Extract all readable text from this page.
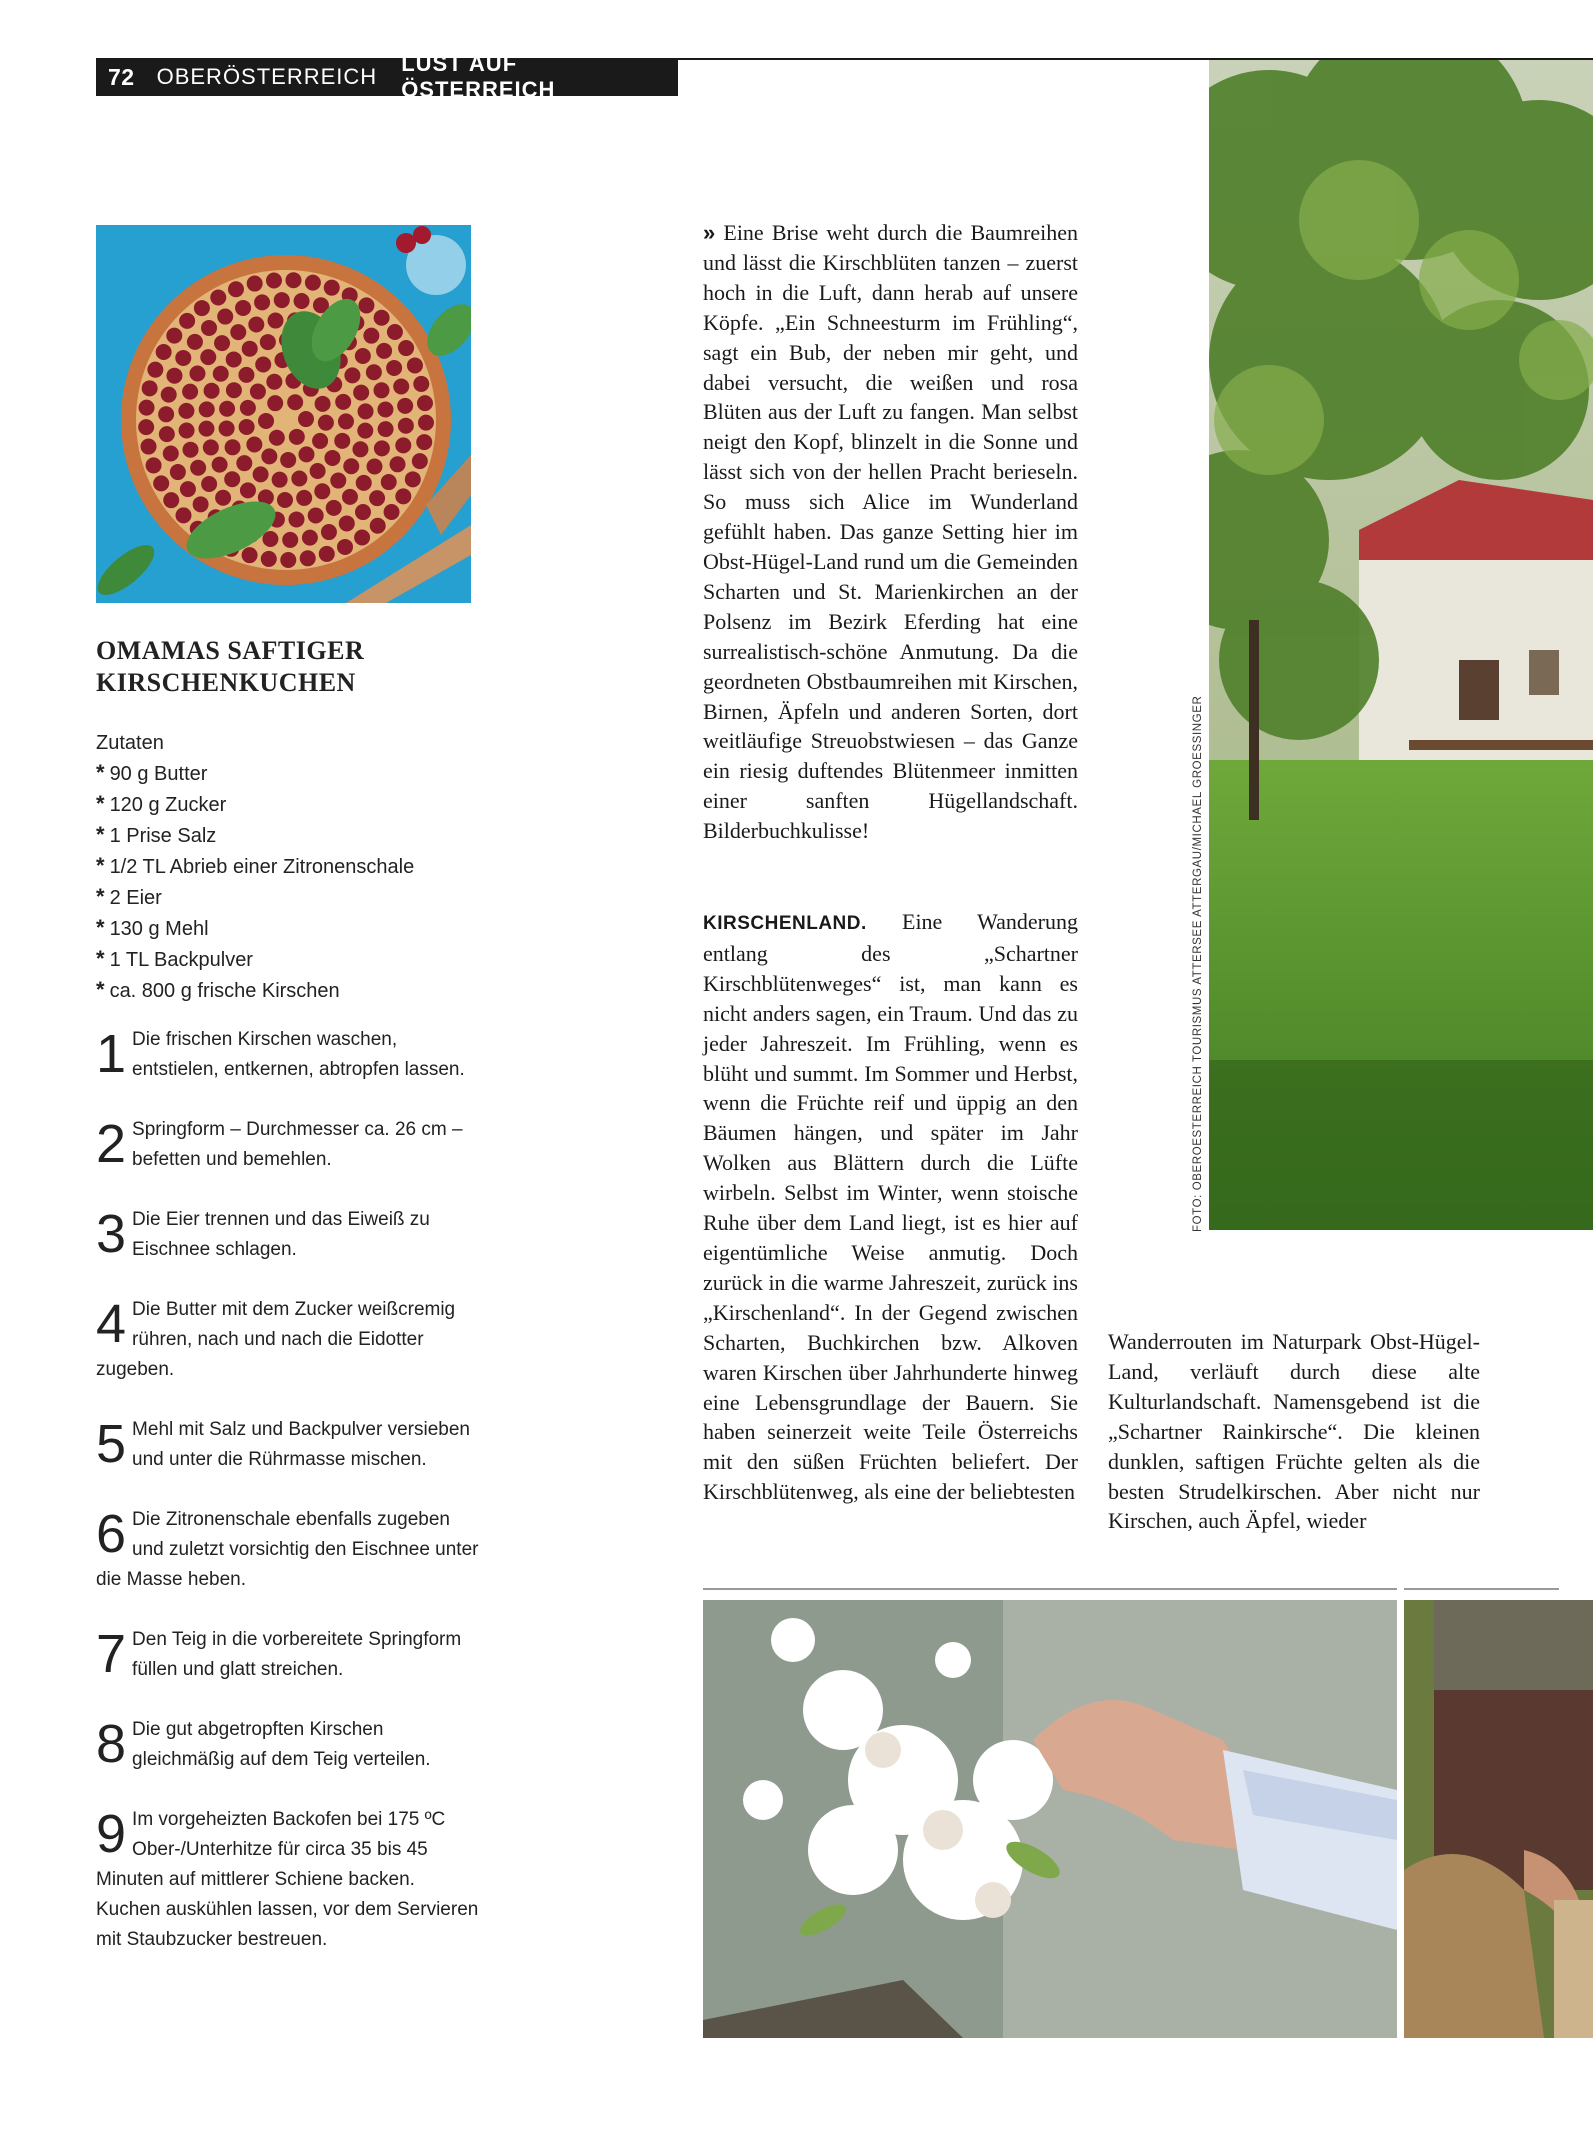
72 OBERÖSTERREICH
LUST AUF ÖSTERREICH
OMAMAS SAFTIGER
KIRSCHENKUCHEN
Zutaten
* 90 g Butter
* 120 g Zucker
* 1 Prise Salz
* 1/2 TL Abrieb einer Zitronenschale
* 2 Eier
* 130 g Mehl
* 1 TL Backpulver
* ca. 800 g frische Kirschen
1 Die frischen Kirschen waschen, entstielen, entkernen, abtropfen lassen.
2 Springform – Durchmesser ca. 26 cm – befetten und bemehlen.
3 Die Eier trennen und das Eiweiß zu Eischnee schlagen.
4 Die Butter mit dem Zucker weißcremig rühren, nach und nach die Eidotter zugeben.
5 Mehl mit Salz und Backpulver versieben und unter die Rührmasse mischen.
6 Die Zitronenschale ebenfalls zugeben und zuletzt vorsichtig den Eischnee unter die Masse heben.
7 Den Teig in die vorbereitete Springform füllen und glatt streichen.
8 Die gut abgetropften Kirschen gleichmäßig auf dem Teig verteilen.
9 Im vorgeheizten Backofen bei 175 ºC Ober-/Unterhitze für circa 35 bis 45 Minuten auf mittlerer Schiene backen. Kuchen auskühlen lassen, vor dem Servieren mit Staubzucker bestreuen.
» Eine Brise weht durch die Baumreihen und lässt die Kirschblüten tanzen – zuerst hoch in die Luft, dann herab auf unsere Köpfe. „Ein Schneesturm im Frühling“, sagt ein Bub, der neben mir geht, und dabei versucht, die weißen und rosa Blüten aus der Luft zu fangen. Man selbst neigt den Kopf, blinzelt in die Sonne und lässt sich von der hellen Pracht berieseln. So muss sich Alice im Wunderland gefühlt haben. Das ganze Setting hier im Obst-Hügel-Land rund um die Gemeinden Scharten und St. Marienkirchen an der Polsenz im Bezirk Eferding hat eine surrealistisch-schöne Anmutung. Da die geordneten Obstbaumreihen mit Kirschen, Birnen, Äpfeln und anderen Sorten, dort weitläufige Streuobstwiesen – das Ganze ein riesig duftendes Blütenmeer inmitten einer sanften Hügellandschaft. Bilderbuchkulisse!
KIRSCHENLAND. Eine Wanderung entlang des „Schartner Kirschblütenweges“ ist, man kann es nicht anders sagen, ein Traum. Und das zu jeder Jahreszeit. Im Frühling, wenn es blüht und summt. Im Sommer und Herbst, wenn die Früchte reif und üppig an den Bäumen hängen, und später im Jahr Wolken aus Blättern durch die Lüfte wirbeln. Selbst im Winter, wenn stoische Ruhe über dem Land liegt, ist es hier auf eigentümliche Weise anmutig. Doch zurück in die warme Jahreszeit, zurück ins „Kirschenland“. In der Gegend zwischen Scharten, Buchkirchen bzw. Alkoven waren Kirschen über Jahrhunderte hinweg eine Lebensgrundlage der Bauern. Sie haben seinerzeit weite Teile Österreichs mit den süßen Früchten beliefert. Der Kirschblütenweg, als eine der beliebtesten
Wanderrouten im Naturpark Obst-Hügel-Land, verläuft durch diese alte Kulturlandschaft. Namensgebend ist die „Schartner Rainkirsche“. Die kleinen dunklen, saftigen Früchte gelten als die besten Strudelkirschen. Aber nicht nur Kirschen, auch Äpfel, wieder
FOTO: OBEROESTERREICH TOURISMUS ATTERSEE ATTERGAU/MICHAEL GROESSINGER
